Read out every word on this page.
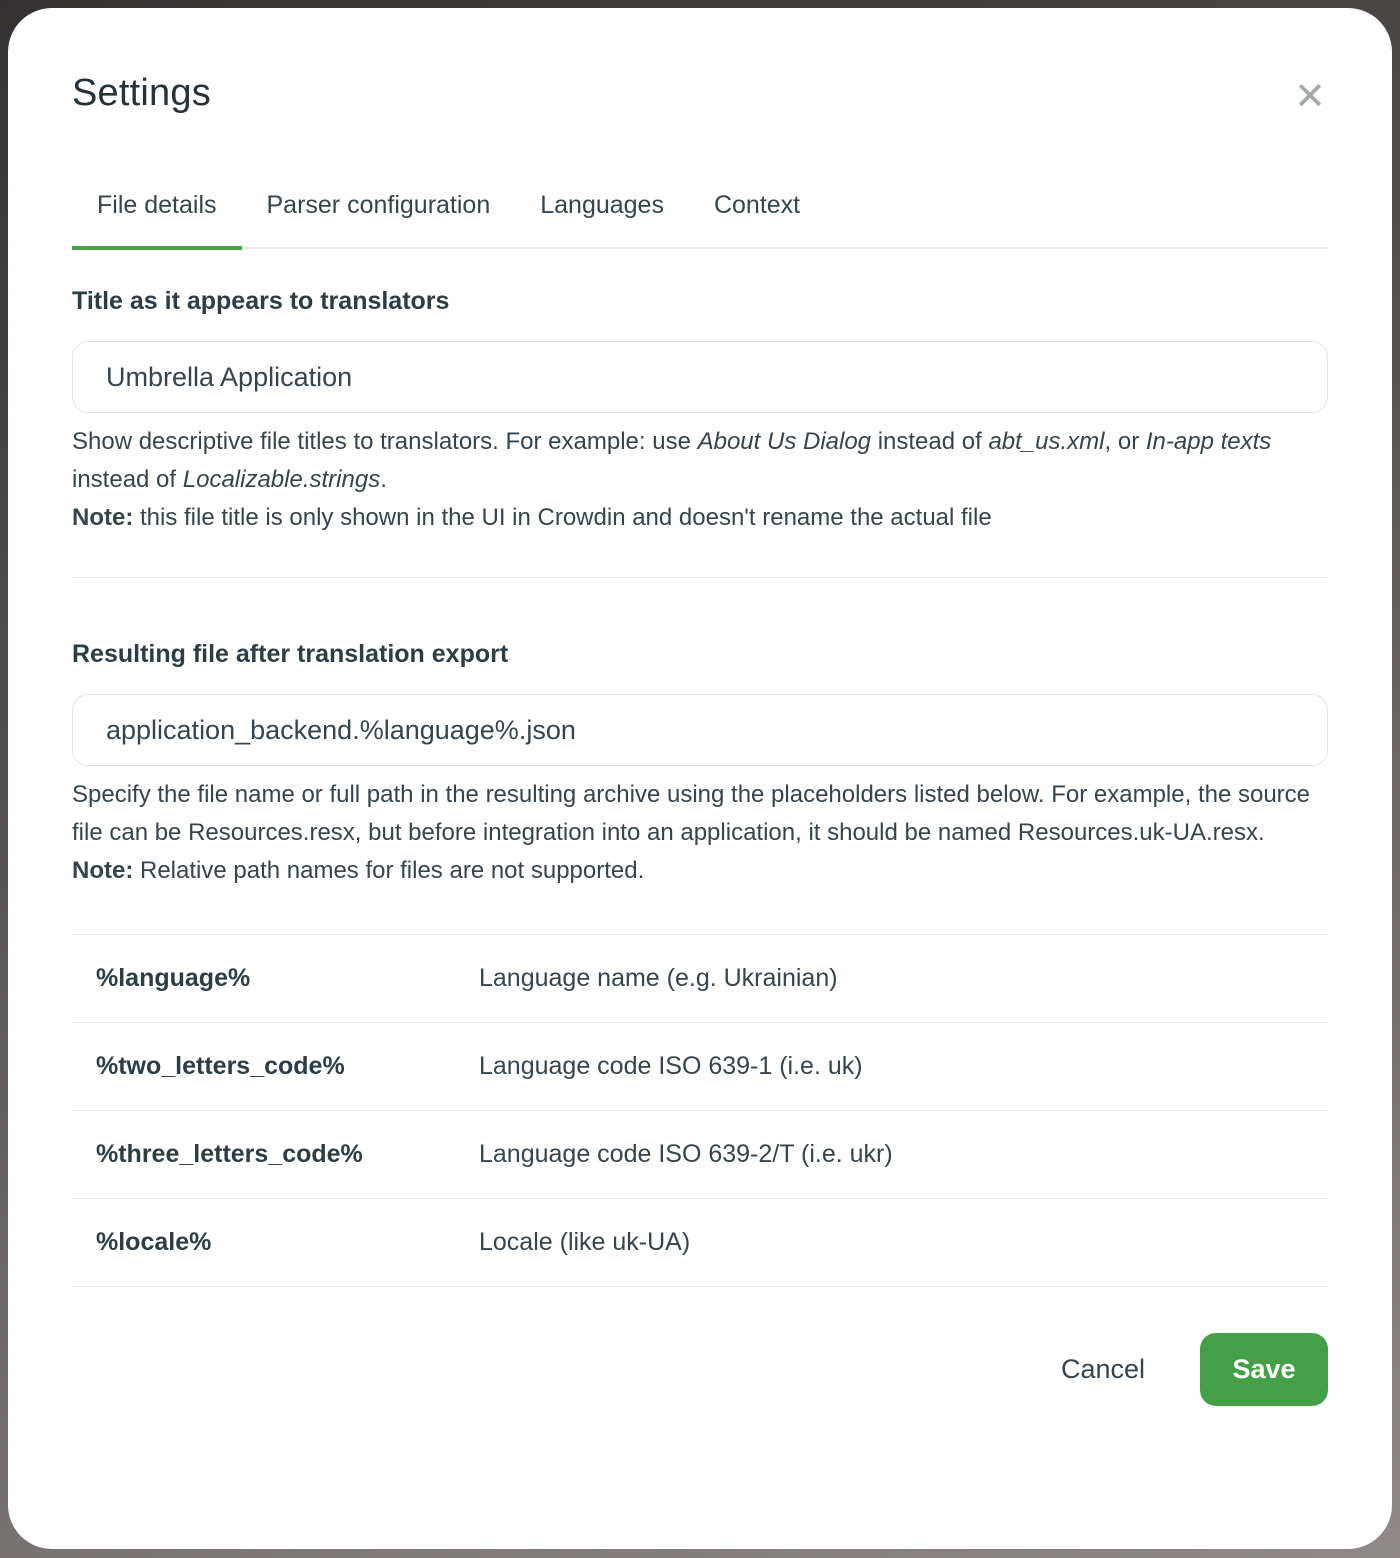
Settings	✕
File details	Parser configuration	Languages	Context
Title as it appears to translators
Umbrella Application
Show descriptive file titles to translators. For example: use About Us Dialog instead of abt_us.xml, or In-app texts instead of Localizable.strings.
Note: this file title is only shown in the UI in Crowdin and doesn't rename the actual file
Resulting file after translation export
application_backend.%language%.json
Specify the file name or full path in the resulting archive using the placeholders listed below. For example, the source file can be Resources.resx, but before integration into an application, it should be named Resources.uk-UA.resx.
Note: Relative path names for files are not supported.
%language%	Language name (e.g. Ukrainian)
%two_letters_code%	Language code ISO 639-1 (i.e. uk)
%three_letters_code%	Language code ISO 639-2/T (i.e. ukr)
%locale%	Locale (like uk-UA)
Cancel	Save
